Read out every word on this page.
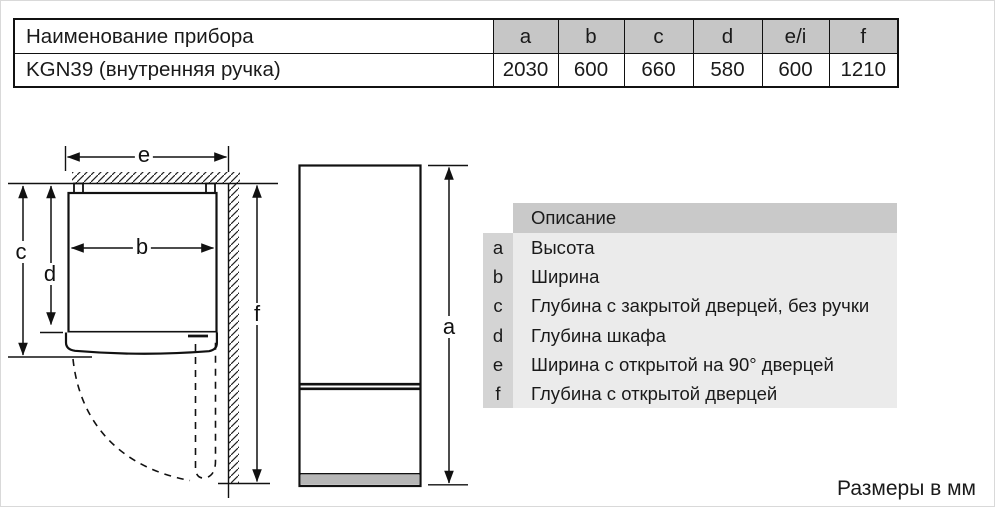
Наименование прибора	a	b	c	d	e/i	f
KGN39 (внутренняя ручка)	2030	600	660	580	600	1210
e
c
d
b
f
a
Описание
a	Высота
b	Ширина
c	Глубина с закрытой дверцей, без ручки
d	Глубина шкафа
e	Ширина с открытой на 90° дверцей
f	Глубина с открытой дверцей
Размеры в мм
